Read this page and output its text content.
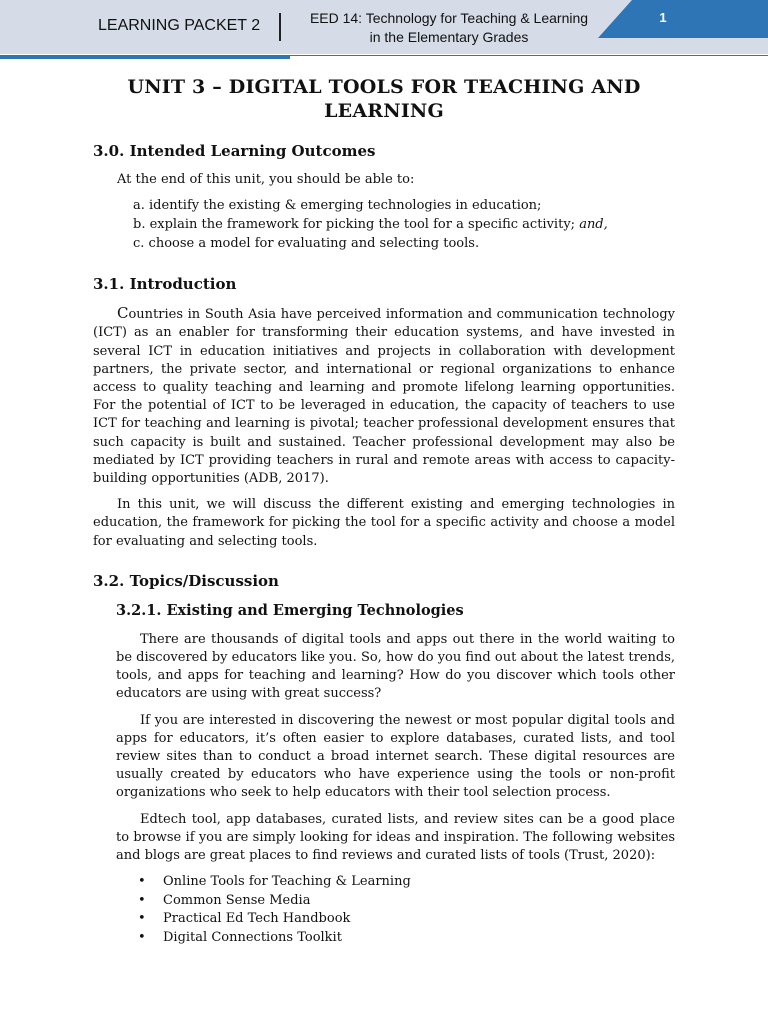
LEARNING PACKET 2	EED 14: Technology for Teaching & Learning
in the Elementary Grades
1
UNIT 3 – DIGITAL TOOLS FOR TEACHING AND
LEARNING
3.0. Intended Learning Outcomes

At the end of this unit, you should be able to:

a. identify the existing & emerging technologies in education;
b. explain the framework for picking the tool for a specific activity; and,
c. choose a model for evaluating and selecting tools.
3.1. Introduction

Countries in South Asia have perceived information and communication technology (ICT) as an enabler for transforming their education systems, and have invested in several ICT in education initiatives and projects in collaboration with development partners, the private sector, and international or regional organizations to enhance access to quality teaching and learning and promote lifelong learning opportunities. For the potential of ICT to be leveraged in education, the capacity of teachers to use ICT for teaching and learning is pivotal; teacher professional development ensures that such capacity is built and sustained. Teacher professional development may also be mediated by ICT providing teachers in rural and remote areas with access to capacity-building opportunities (ADB, 2017).

In this unit, we will discuss the different existing and emerging technologies in education, the framework for picking the tool for a specific activity and choose a model for evaluating and selecting tools.

3.2. Topics/Discussion
3.2.1. Existing and Emerging Technologies

There are thousands of digital tools and apps out there in the world waiting to be discovered by educators like you. So, how do you find out about the latest trends, tools, and apps for teaching and learning? How do you discover which tools other educators are using with great success?

If you are interested in discovering the newest or most popular digital tools and apps for educators, it’s often easier to explore databases, curated lists, and tool review sites than to conduct a broad internet search. These digital resources are usually created by educators who have experience using the tools or non-profit organizations who seek to help educators with their tool selection process.

Edtech tool, app databases, curated lists, and review sites can be a good place to browse if you are simply looking for ideas and inspiration. The following websites and blogs are great places to find reviews and curated lists of tools (Trust, 2020):

• Online Tools for Teaching & Learning
• Common Sense Media
• Practical Ed Tech Handbook
• Digital Connections Toolkit
